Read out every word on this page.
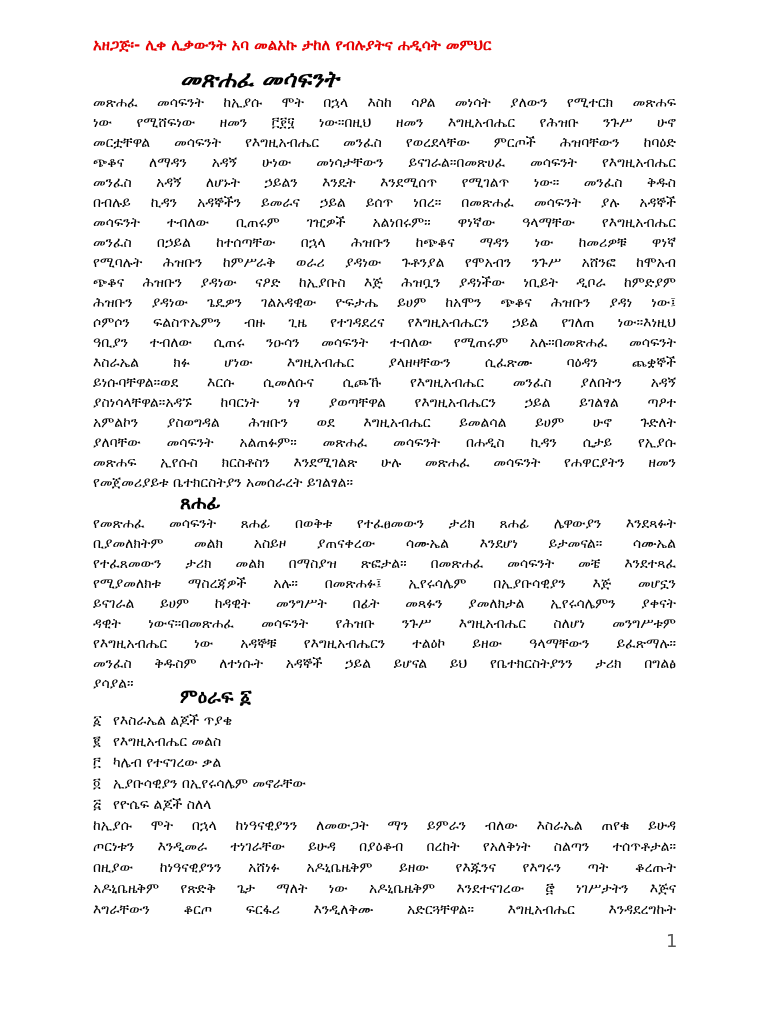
አዘጋጅ፡- ሊቀ ሊቃውንት አባ መልአኩ ታከለ የብሉያትና ሐዲሳት መምህር
መጽሐፈ መሳፍንት
መጽሐፈ መሳፍንት ከኢያሱ ሞት በኋላ እስከ ሳዖል መነሳት ያለውን የሚተርክ መጽሐፍ
ነው የሚሸፍነው ዘመን ፫፻፶ ነው።በዚህ ዘመን እግዚአብሔር የሕዝቡ ንጉሥ ሁኖ
መርቷቸዋል መሳፍንት የእግዚአብሔር መንፈስ የወረደላቸው ምርጦች ሕዝባቸውን ከባዕድ
ጭቆና ለማዳን አዳኝ ሁነው መነሳታቸውን ይናገራል።በመጽሀፈ መሳፍንት የእግዚአብሔር
መንፈስ አዳኝ ለሆኑት ኃይልን እንዴት እንደሚሰጥ የሚገልጥ ነው። መንፈስ ቅዱስ
በብሉይ ኪዳን አዳኞችን ይመራና ኃይል ይሰጥ ነበረ። በመጽሐፈ መሳፍንት ያሉ አዳኞች
መሳፍንት ተብለው ቢጠሩም ገዢዎች አልነበሩም። ዋነኛው ዓላማቸው የእግዚአብሔር
መንፈስ በኃይል ከተሰጣቸው በኋላ ሕዝቡን ከጭቆና ማዳን ነው ከመሪዎቹ ዋነኛ
የሚባሉት ሕዝቡን ከምሥራቅ ወራሪ ያዳነው ጉቶንያል የሞአብን ንጉሥ አሸንፎ ከሞአብ
ጭቆና ሕዝቡን ያዳነው ናዖድ ከኢያቡስ እጅ ሕዝቧን ያዳነችው ነቢይት ዲቦራ ከምድያም
ሕዝቡን ያዳነው ጌዴዎን ገልአዳዊው ዮፍታሔ ይሀም ከአሞን ጭቆና ሕዝቡን ያዳነ ነው፤
ሶምሶን ፍልስጥኤምን ብዙ ጊዜ የተገዳደረና የእግዚአብሔርን ኃይል የገለጠ ነው።እነዚህ
ዓቢያን ተብለው ሲጠሩ ንዑሳን መሳፍንት ተብለው የሚጠሩም አሉ።በመጽሐፈ መሳፍንት
እስራኤል ክፉ ሆነው እግዚአብሔር ያላዘዛቸውን ሲፈጽሙ ባዕዳን ጨቋኞች
ይነሱባቸዋል።ወደ እርሱ ሲመለሱና ሲጮኹ የእግዚአብሔር መንፈስ ያለበትን አዳኝ
ያስነሳላቸዋል።አዳኙ ከባርነት ነፃ ያወጣቸዋል የእግዚአብሔርን ኃይል ይገልፃል ጣዖተ
አምልኮን ያስወግዳል ሕዝቡን ወደ እግዚአብሔር ይመልሳል ይሀም ሁኖ ጉድለት
ያለባቸው መሳፍንት አልጠፉም። መጽሐፈ መሳፍንት በሐዲስ ኪዳን ሲታይ የኢያሱ
መጽሐፍ ኢየሱስ ክርስቶስን እንደሚገልጽ ሁሉ መጽሐፈ መሳፍንት የሐዋርያትን ዘመን
የመጀመሪያይቱ ቤተክርስትያን አመሰራረት ይገልፃል።
ጸሐፊ
የመጽሐፈ መሳፍንት ጸሐፊ በወቅቱ የተፈፀመውን ታሪክ ጸሐፊ ሌዋውያን እንደጻፉት
ቢያመለክትም መልክ አስይዞ ያጠናቀረው ሳሙኤል እንደሆነ ይታመናል። ሳሙኤል
የተፈጸመውን ታሪክ መልክ በማስያዝ ጽፎታል። በመጽሐፈ መሳፍንት መቼ እንደተጻፈ
የሚያመለክቱ ማስረጃዎች አሉ። በመጽሐፉ፤ ኢየሩሳሌም በኢያቡሳዊያን እጅ መሆኗን
ይናገራል ይሀም ከዳዊት መንግሥት በፊት መጻፉን ያመለክታል ኢየሩሳሌምን ያቀናት
ዳዊት ነውና።በመጽሐፈ መሳፍንት የሕዝቡ ንጉሥ እግዚአብሔር ስለሆነ መንግሥቱም
የእግዚአብሔር ነው አዳኞቹ የእግዚአብሔርን ተልዕኮ ይዘው ዓላማቸውን ይፈጽማሉ።
መንፈስ ቅዱስም ለተነሱት አዳኞች ኃይል ይሆናል ይህ የቤተክርስትያንን ታሪክ በግልፅ
ያሳያል።
ምዕራፍ ፩
፩ የእስራኤል ልጆች ጥያቄ
፪ የእግዚአብሔር መልስ
፫ ካሌብ የተናገረው ቃል
፬ ኢያቡሳዊያን በኢየሩሳሌም መኖራቸው
፭ የዮሴፍ ልጆች ስለላ
ከኢያሱ ሞት በኋላ ከነዓናዊያንን ለመውጋት ማን ይምራን ብለው እስራኤል ጠየቁ ይሁዳ
ጦርነቱን እንዲመራ ተነገራቸው ይሁዳ በያዕቆብ በረከት የአለቅነት ስልጣን ተሰጥቶታል።
በዚያው ከነዓናዊያንን አሸነፉ አዶኒቤዜቅም ይዘው የእጁንና የእግሩን ጣት ቆረጡት
አዶኒቤዜቅም የጽድቅ ጌታ ማለት ነው አዶኒቤዜቅም እንደተናገረው ፸ ነገሥታትን እጅና
እግራቸውን ቆርጦ ፍርፋሪ እንዲለቅሙ አድርጓቸዋል። እግዚአብሔር እንዳደረግኩት
1
